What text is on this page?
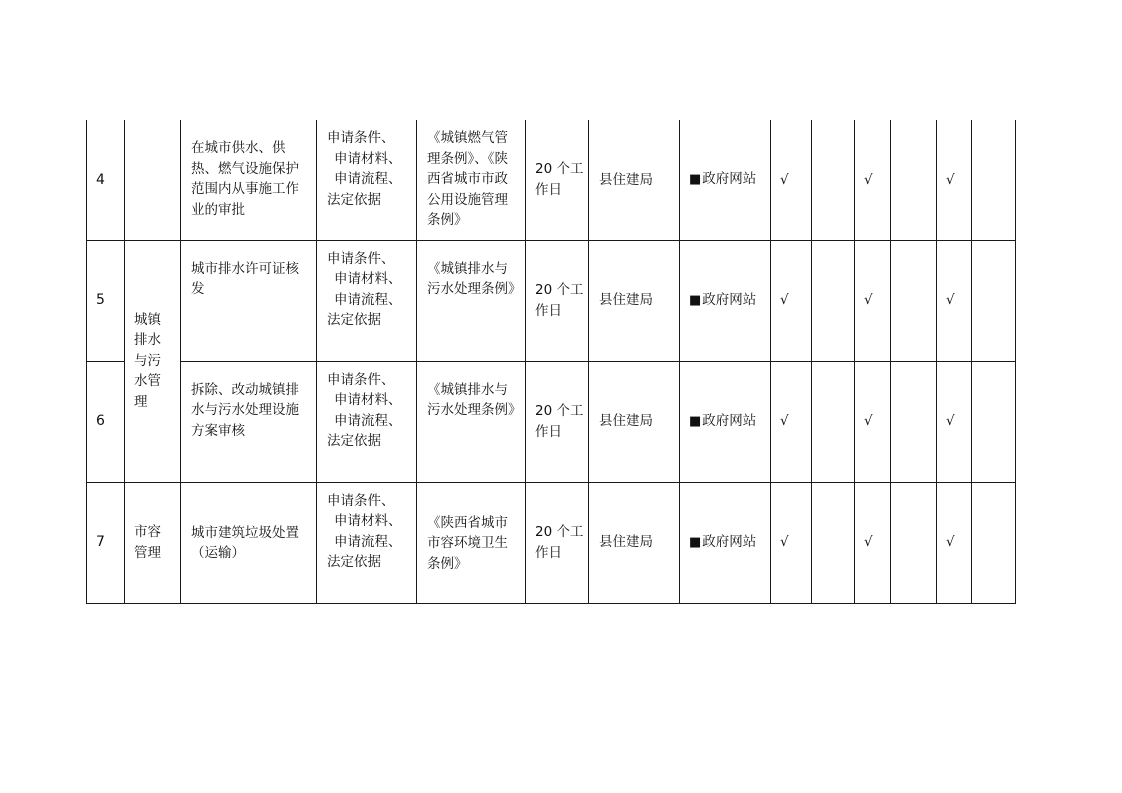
4		在城市供水、供热、燃气设施保护范围内从事施工作业的审批	申请条件、
申请材料、
申请流程、
法定依据	《城镇燃气管理条例》、《陕西省城市市政公用设施管理条例》	20 个工作日	县住建局	■政府网站	√		√		√	
5	城镇排水与污水管理	城市排水许可证核发	申请条件、
申请材料、
申请流程、
法定依据	《城镇排水与污水处理条例》	20 个工作日	县住建局	■政府网站	√		√		√	
6		拆除、改动城镇排水与污水处理设施方案审核	申请条件、
申请材料、
申请流程、
法定依据	《城镇排水与污水处理条例》	20 个工作日	县住建局	■政府网站	√		√		√	
7	市容管理	城市建筑垃圾处置（运输）	申请条件、
申请材料、
申请流程、
法定依据	《陕西省城市市容环境卫生条例》	20 个工作日	县住建局	■政府网站	√		√		√	
